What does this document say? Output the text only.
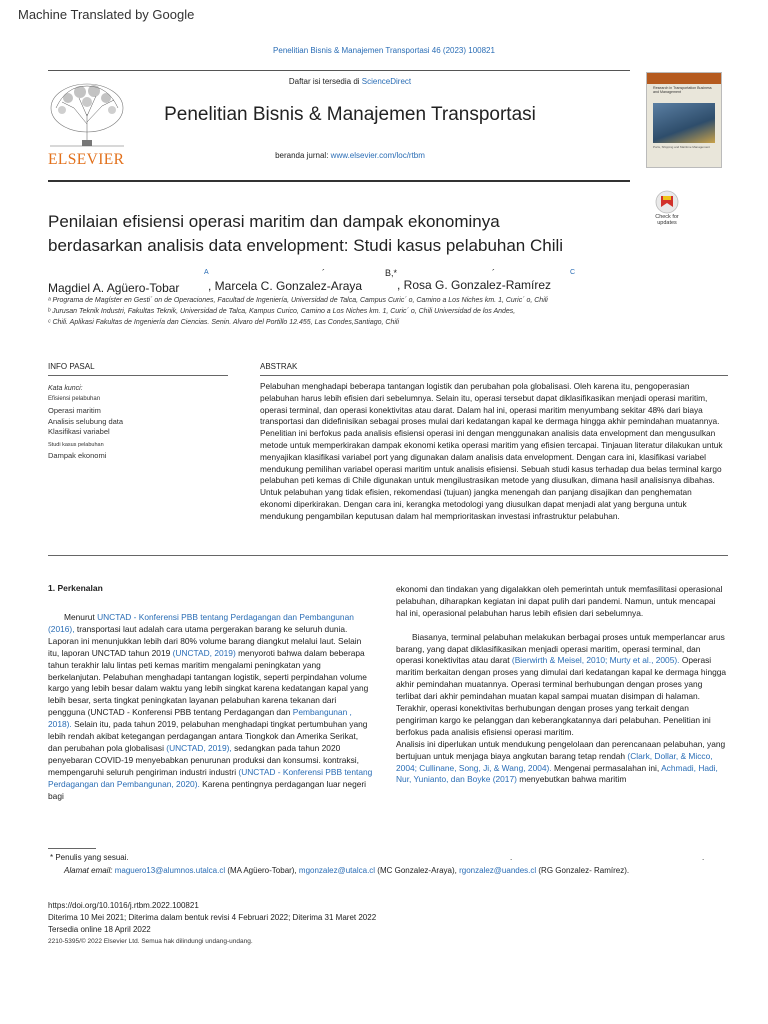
Machine Translated by Google
Penelitian Bisnis & Manajemen Transportasi 46 (2023) 100821
ELSEVIER
Daftar isi tersedia di ScienceDirect
Penelitian Bisnis & Manajemen Transportasi
beranda jurnal: www.elsevier.com/loc/rtbm
Research in Transportation Business and Management
Ports, Shipping and Maritime Management
Check for updates
Penilaian efisiensi operasi maritim dan dampak ekonominya
berdasarkan analisis data envelopment: Studi kasus pelabuhan Chili
Magdiel A. Agüero-Tobar
A
, Marcela C. Gonzalez-Araya
´	B,*
, Rosa G. Gonzalez-Ramírez
´	C
ᵃ Programa de Magíster en Gesti´ on de Operaciones, Facultad de Ingeniería, Universidad de Talca, Campus Curic´ o, Camino a Los Niches km. 1, Curic´ o, Chili
ᵇ Jurusan Teknik Industri, Fakultas Teknik, Universidad de Talca, Kampus Curico, Camino a Los Niches km. 1, Curic´ o, Chili Universidad de los Andes,
ᶜ Chili. Aplikasi Fakultas de Ingeniería dan Ciencias. Senin. Alvaro del Portillo 12.455, Las Condes,Santiago, Chili
INFO PASAL	ABSTRAK
Kata kunci:
Efisiensi pelabuhan
Operasi maritim
Analisis selubung data
Klasifikasi variabel
Studi kasus pelabuhan
Dampak ekonomi
Pelabuhan menghadapi beberapa tantangan logistik dan perubahan pola globalisasi. Oleh karena itu, pengoperasian pelabuhan harus lebih efisien dari sebelumnya. Selain itu, operasi tersebut dapat diklasifikasikan menjadi operasi maritim, operasi terminal, dan operasi konektivitas atau darat. Dalam hal ini, operasi maritim menyumbang sekitar 48% dari biaya transportasi dan didefinisikan sebagai proses mulai dari kedatangan kapal ke dermaga hingga akhir pemindahan muatannya. Penelitian ini berfokus pada analisis efisiensi operasi ini dengan menggunakan analisis data envelopment dan mengusulkan metode untuk memperkirakan dampak ekonomi ketika operasi maritim yang efisien tercapai. Tinjauan literatur dilakukan untuk menyajikan klasifikasi variabel port yang digunakan dalam analisis data envelopment. Dengan cara ini, klasifikasi variabel mendukung pemilihan variabel operasi maritim untuk analisis efisiensi. Sebuah studi kasus terhadap dua belas terminal kargo pelabuhan peti kemas di Chile digunakan untuk mengilustrasikan metode yang diusulkan, dimana hasil analisisnya dibahas. Untuk pelabuhan yang tidak efisien, rekomendasi (tujuan) jangka menengah dan panjang disajikan dan penghematan ekonomi diperkirakan. Dengan cara ini, kerangka metodologi yang diusulkan dapat menjadi alat yang berguna untuk mendukung pengambilan keputusan dalam hal memprioritaskan investasi infrastruktur pelabuhan.
1. Perkenalan

Menurut UNCTAD - Konferensi PBB tentang Perdagangan dan Pembangunan (2016), transportasi laut adalah cara utama pergerakan barang ke seluruh dunia. Laporan ini menunjukkan lebih dari 80% volume barang diangkut melalui laut. Selain itu, laporan UNCTAD tahun 2019 (UNCTAD, 2019) menyoroti bahwa dalam beberapa tahun terakhir lalu lintas peti kemas maritim mengalami peningkatan yang berkelanjutan. Pelabuhan menghadapi tantangan logistik, seperti perpindahan volume kargo yang lebih besar dalam waktu yang lebih singkat karena kedatangan kapal yang lebih besar, serta tingkat peningkatan layanan pelabuhan karena tekanan dari pengguna (UNCTAD - Konferensi PBB tentang Perdagangan dan Pembangunan , 2018). Selain itu, pada tahun 2019, pelabuhan menghadapi tingkat pertumbuhan yang lebih rendah akibat ketegangan perdagangan antara Tiongkok dan Amerika Serikat, dan perubahan pola globalisasi (UNCTAD, 2019), sedangkan pada tahun 2020 penyebaran COVID-19 menyebabkan penurunan produksi dan konsumsi. kontraksi, mempengaruhi seluruh pengiriman industri industri (UNCTAD - Konferensi PBB tentang Perdagangan dan Pembangunan, 2020). Karena pentingnya perdagangan luar negeri bagi

ekonomi dan tindakan yang digalakkan oleh pemerintah untuk memfasilitasi operasional pelabuhan, diharapkan kegiatan ini dapat pulih dari pandemi. Namun, untuk mencapai hal ini, operasional pelabuhan harus lebih efisien dari sebelumnya.

Biasanya, terminal pelabuhan melakukan berbagai proses untuk memperlancar arus barang, yang dapat diklasifikasikan menjadi operasi maritim, operasi terminal, dan operasi konektivitas atau darat (Bierwirth & Meisel, 2010; Murty et al., 2005). Operasi maritim berkaitan dengan proses yang dimulai dari kedatangan kapal ke dermaga hingga akhir pemindahan muatannya. Operasi terminal berhubungan dengan proses yang terlibat dari akhir pemindahan muatan kapal sampai muatan disimpan di halaman. Terakhir, operasi konektivitas berhubungan dengan proses yang terkait dengan pengiriman kargo ke pelanggan dan keberangkatannya dari pelabuhan. Penelitian ini berfokus pada analisis efisiensi operasi maritim.

Analisis ini diperlukan untuk mendukung pengelolaan dan perencanaan pelabuhan, yang bertujuan untuk menjaga biaya angkutan barang tetap rendah (Clark, Dollar, & Micco, 2004; Cullinane, Song, Ji, & Wang, 2004). Mengenai permasalahan ini, Achmadi, Hadi, Nur, Yunianto, dan Boyke (2017) menyebutkan bahwa maritim

* Penulis yang sesuai.	.	.
Alamat email: maguero13@alumnos.utalca.cl (MA Agüero-Tobar), mgonzalez@utalca.cl (MC Gonzalez-Araya), rgonzalez@uandes.cl (RG Gonzalez- Ramírez).
https://doi.org/10.1016/j.rtbm.2022.100821
Diterima 10 Mei 2021; Diterima dalam bentuk revisi 4 Februari 2022; Diterima 31 Maret 2022
Tersedia online 18 April 2022
2210-5395/© 2022 Elsevier Ltd. Semua hak dilindungi undang-undang.
